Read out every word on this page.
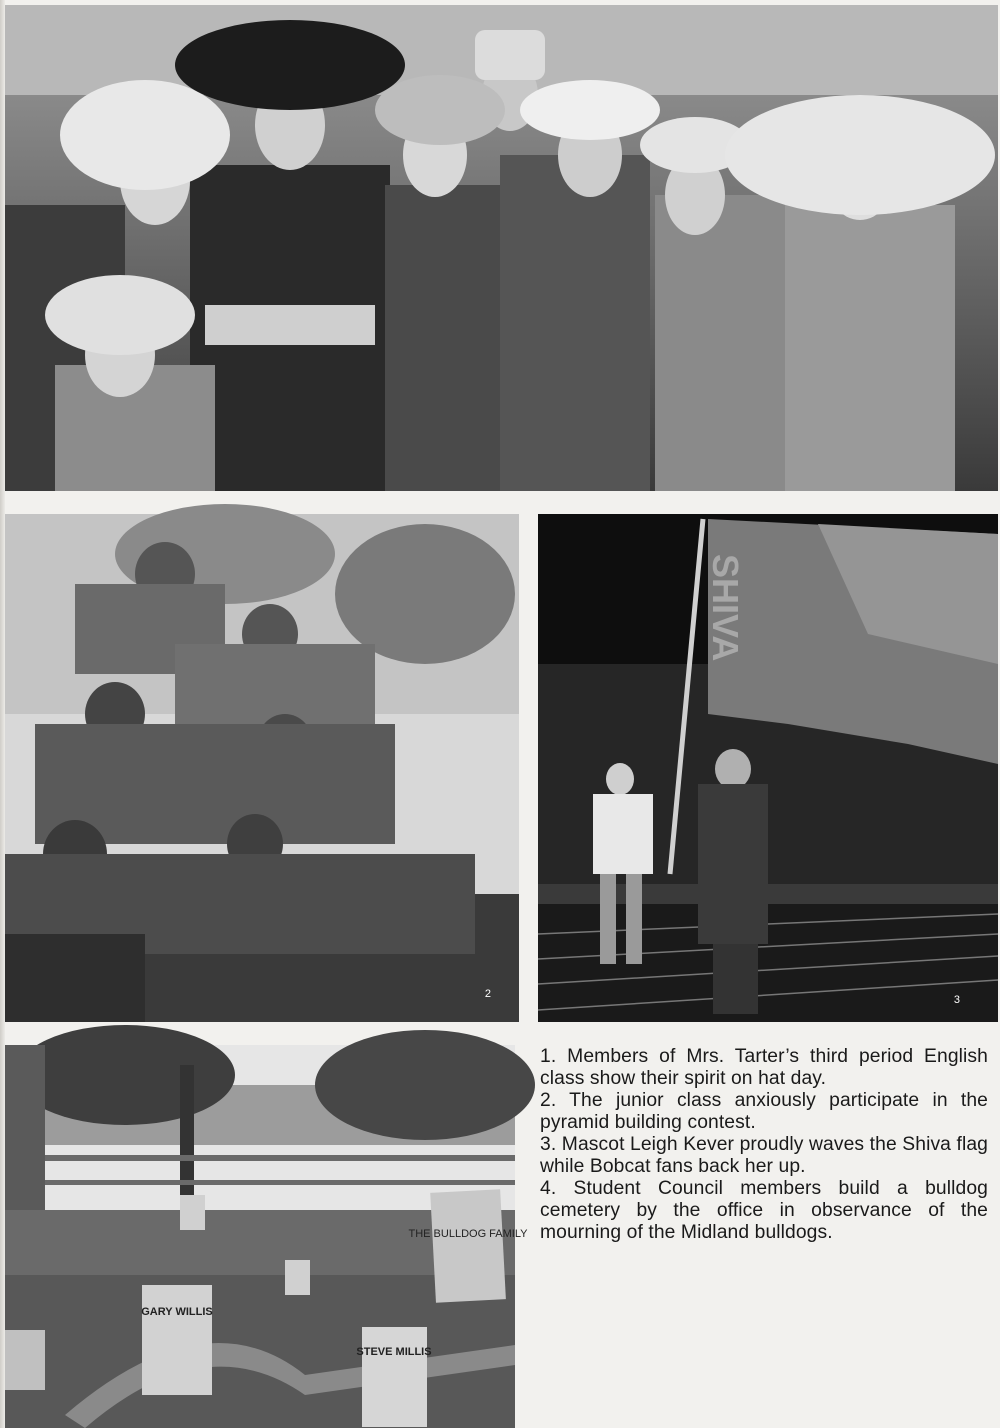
2
SHIVA
3
THE BULLDOG FAMILY
GARY WILLIS
STEVE MILLIS

1. Members of Mrs. Tarter’s third period English class show their spirit on hat day.

2. The junior class anxiously participate in the pyramid building contest.

3. Mascot Leigh Kever proudly waves the Shiva flag while Bobcat fans back her up.

4. Student Council members build a bulldog cemetery by the office in observance of the mourning of the Midland bulldogs.
